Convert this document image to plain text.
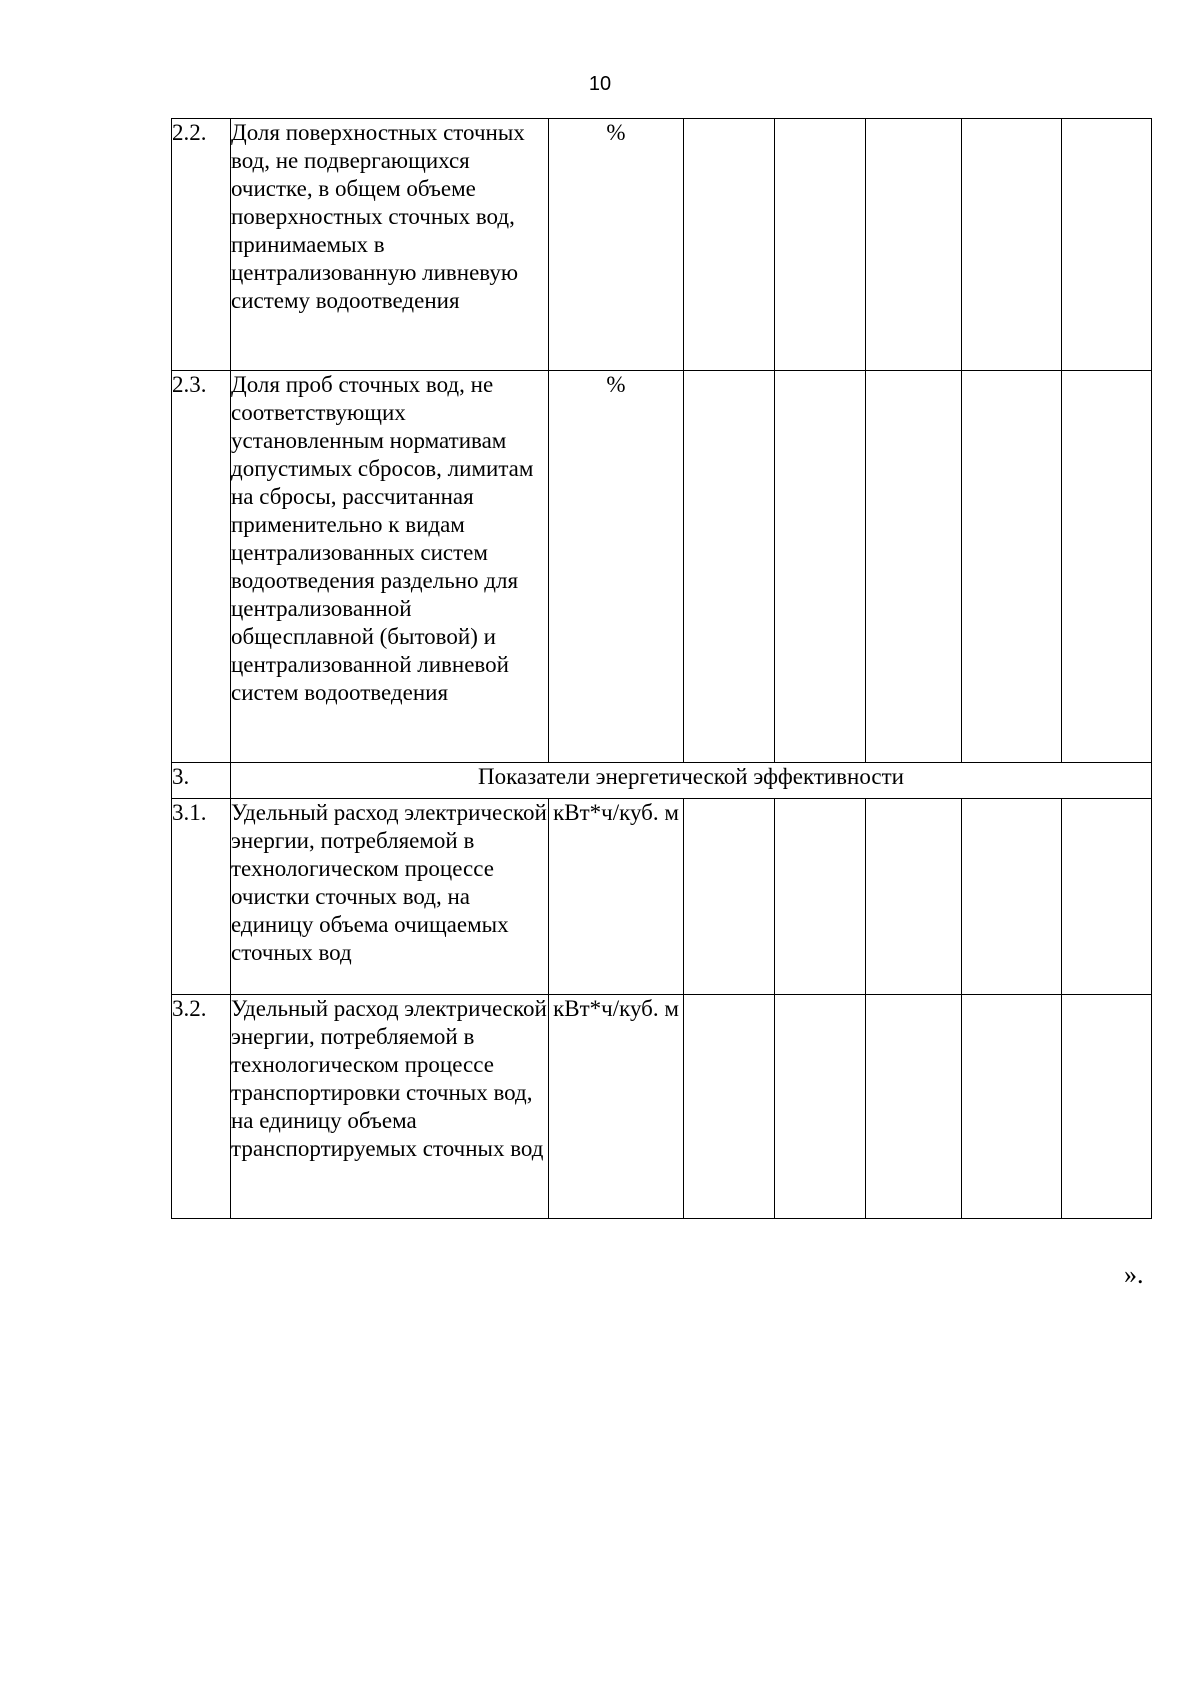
10
2.2.	Доля поверхностных сточных вод, не подвергающихся очистке, в общем объеме поверхностных сточных вод, принимаемых в централизованную ливневую систему водоотведения	%						
2.3.	Доля проб сточных вод, не соответствующих установленным нормативам допустимых сбросов, лимитам на сбросы, рассчитанная применительно к видам централизованных систем водоотведения раздельно для централизованной общесплавной (бытовой) и централизованной ливневой систем водоотведения	%						
3.	Показатели энергетической эффективности							
3.1.	Удельный расход электрической энергии, потребляемой в технологическом процессе очистки сточных вод, на единицу объема очищаемых сточных вод	кВт*ч/куб. м						
3.2.	Удельный расход электрической энергии, потребляемой в технологическом процессе транспортировки сточных вод, на единицу объема транспортируемых сточных вод	кВт*ч/куб. м						
».
